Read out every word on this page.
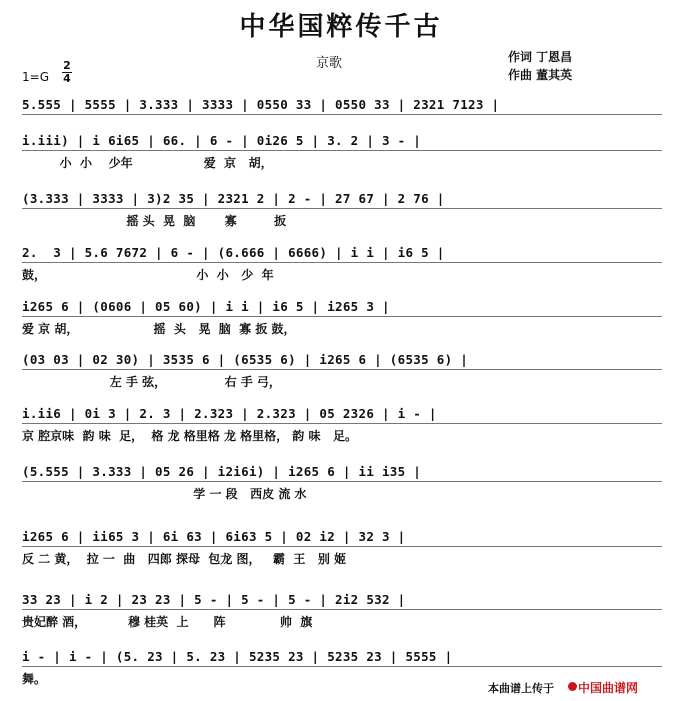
中华国粹传千古
京歌	作词 丁恩昌
作曲 董其英
1=G
2
4
5.555 | 5555 | 3.333 | 3333 | 0550 33 | 0550 33 | 2321 7123 |
i.iii) | i 6i65 | 66. | 6 - | 0i26 5 | 3. 2 | 3 - |
小  小    少年                 爱  京   胡，
(3.333 | 3333 | 3)2 35 | 2321 2 | 2 - | 27 67 | 2 76 |
摇 头  晃  脑       寡         扳
2.  3 | 5.6 7672 | 6 - | (6.666 | 6666) | i i | i6 5 |
鼓，                                    小  小   少  年
i265 6 | (0606 | 05 60) | i i | i6 5 | i265 3 |
爱 京 胡，                  摇  头   晃  脑  寡 扳 鼓，
(03 03 | 02 30) | 3535 6 | (6535 6) | i265 6 | (6535 6) |
左 手 弦，              右 手 弓，
i.ii6 | 0i 3 | 2. 3 | 2.323 | 2.323 | 05 2326 | i - |
京 腔京味  韵 味  足，  格 龙 格里格 龙 格里格， 韵 味   足。
(5.555 | 3.333 | 05 26 | i2i6i) | i265 6 | ii i35 |
学 一 段   西皮 流 水
i265 6 | ii65 3 | 6i 63 | 6i63 5 | 02 i2 | 32 3 |
反 二 黄，  拉 一  曲   四郎 探母  包龙 图，   霸  王   别 姬
33 23 | i 2 | 23 23 | 5 - | 5 - | 5 - | 2i2 532 |
贵妃醉 酒，          穆 桂英  上      阵             帅  旗
i - | i - | (5. 23 | 5. 23 | 5235 23 | 5235 23 | 5555 |
舞。
本曲谱上传于 中国曲谱网
